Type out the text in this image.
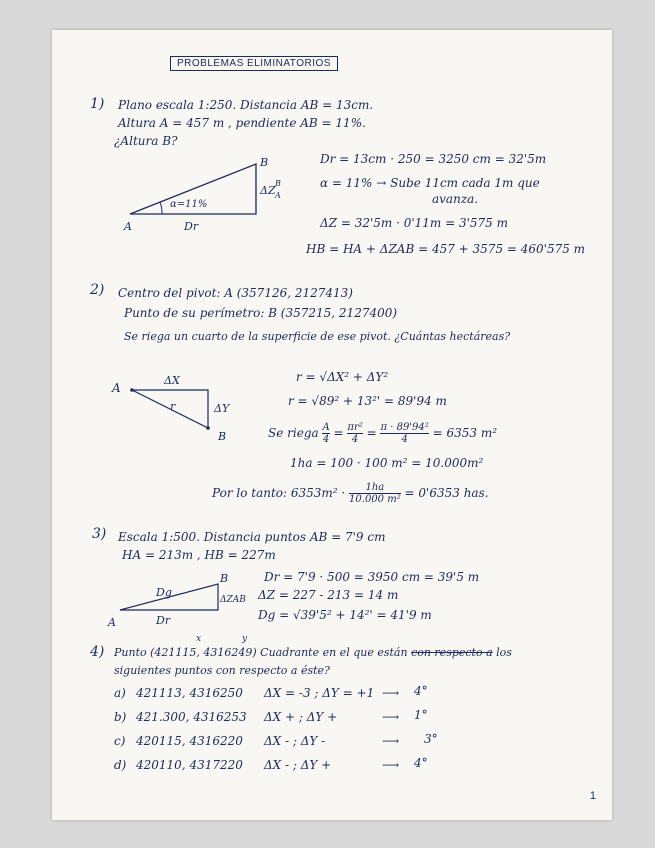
PROBLEMAS ELIMINATORIOS
1) Plano escala 1:250. Distancia AB = 13cm.
Altura A = 457 m , pendiente AB = 11%.
¿Altura B?
A
B
α=11%
Dr
ΔZ
B
A
Dr = 13cm · 250 = 3250 cm = 32'5m
α = 11% → Sube 11cm cada 1m que
avanza.
ΔZ = 32'5m · 0'11m = 3'575 m
HB = HA + ΔZAB = 457 + 3575 = 460'575 m
2) Centro del pivot: A (357126, 2127413)
Punto de su perímetro: B (357215, 2127400)
Se riega un cuarto de la superficie de ese pivot. ¿Cuántas hectáreas?
A
B
ΔX
ΔY
r
r = √ΔX² + ΔY²
r = √89² + 13²' = 89'94 m
Se riega $\frac{A}{4} = \frac{\text{πr²}}{4} = \frac{\text{π · 89'94²}}{4} = 6353$ m²
1ha = 100 · 100 m² = 10.000m²
Por lo tanto: $6353m^2 \cdot \frac{1ha}{\text{10.000 m²}} = 0'6353$ has.
3) Escala 1:500. Distancia puntos AB = 7'9 cm
HA = 213m , HB = 227m
A
B
Dg
Dr
ΔZAB
Dr = 7'9 · 500 = 3950 cm = 39'5 m
ΔZ = 227 - 213 = 14 m
Dg = √39'5² + 14²' = 41'9 m
x	y
4) Punto (421115, 4316249) Cuadrante en el que están con respecto a los
siguientes puntos con respecto a éste?
a) 421113, 4316250 ΔX = -3 ; ΔY = +1 ⟶ 4°
b) 421.300, 4316253 ΔX + ; ΔY +	⟶ 1°
c) 420115, 4316220 ΔX - ; ΔY -	⟶ 3°
d) 420110, 4317220 ΔX - ; ΔY +	⟶ 4°
1
